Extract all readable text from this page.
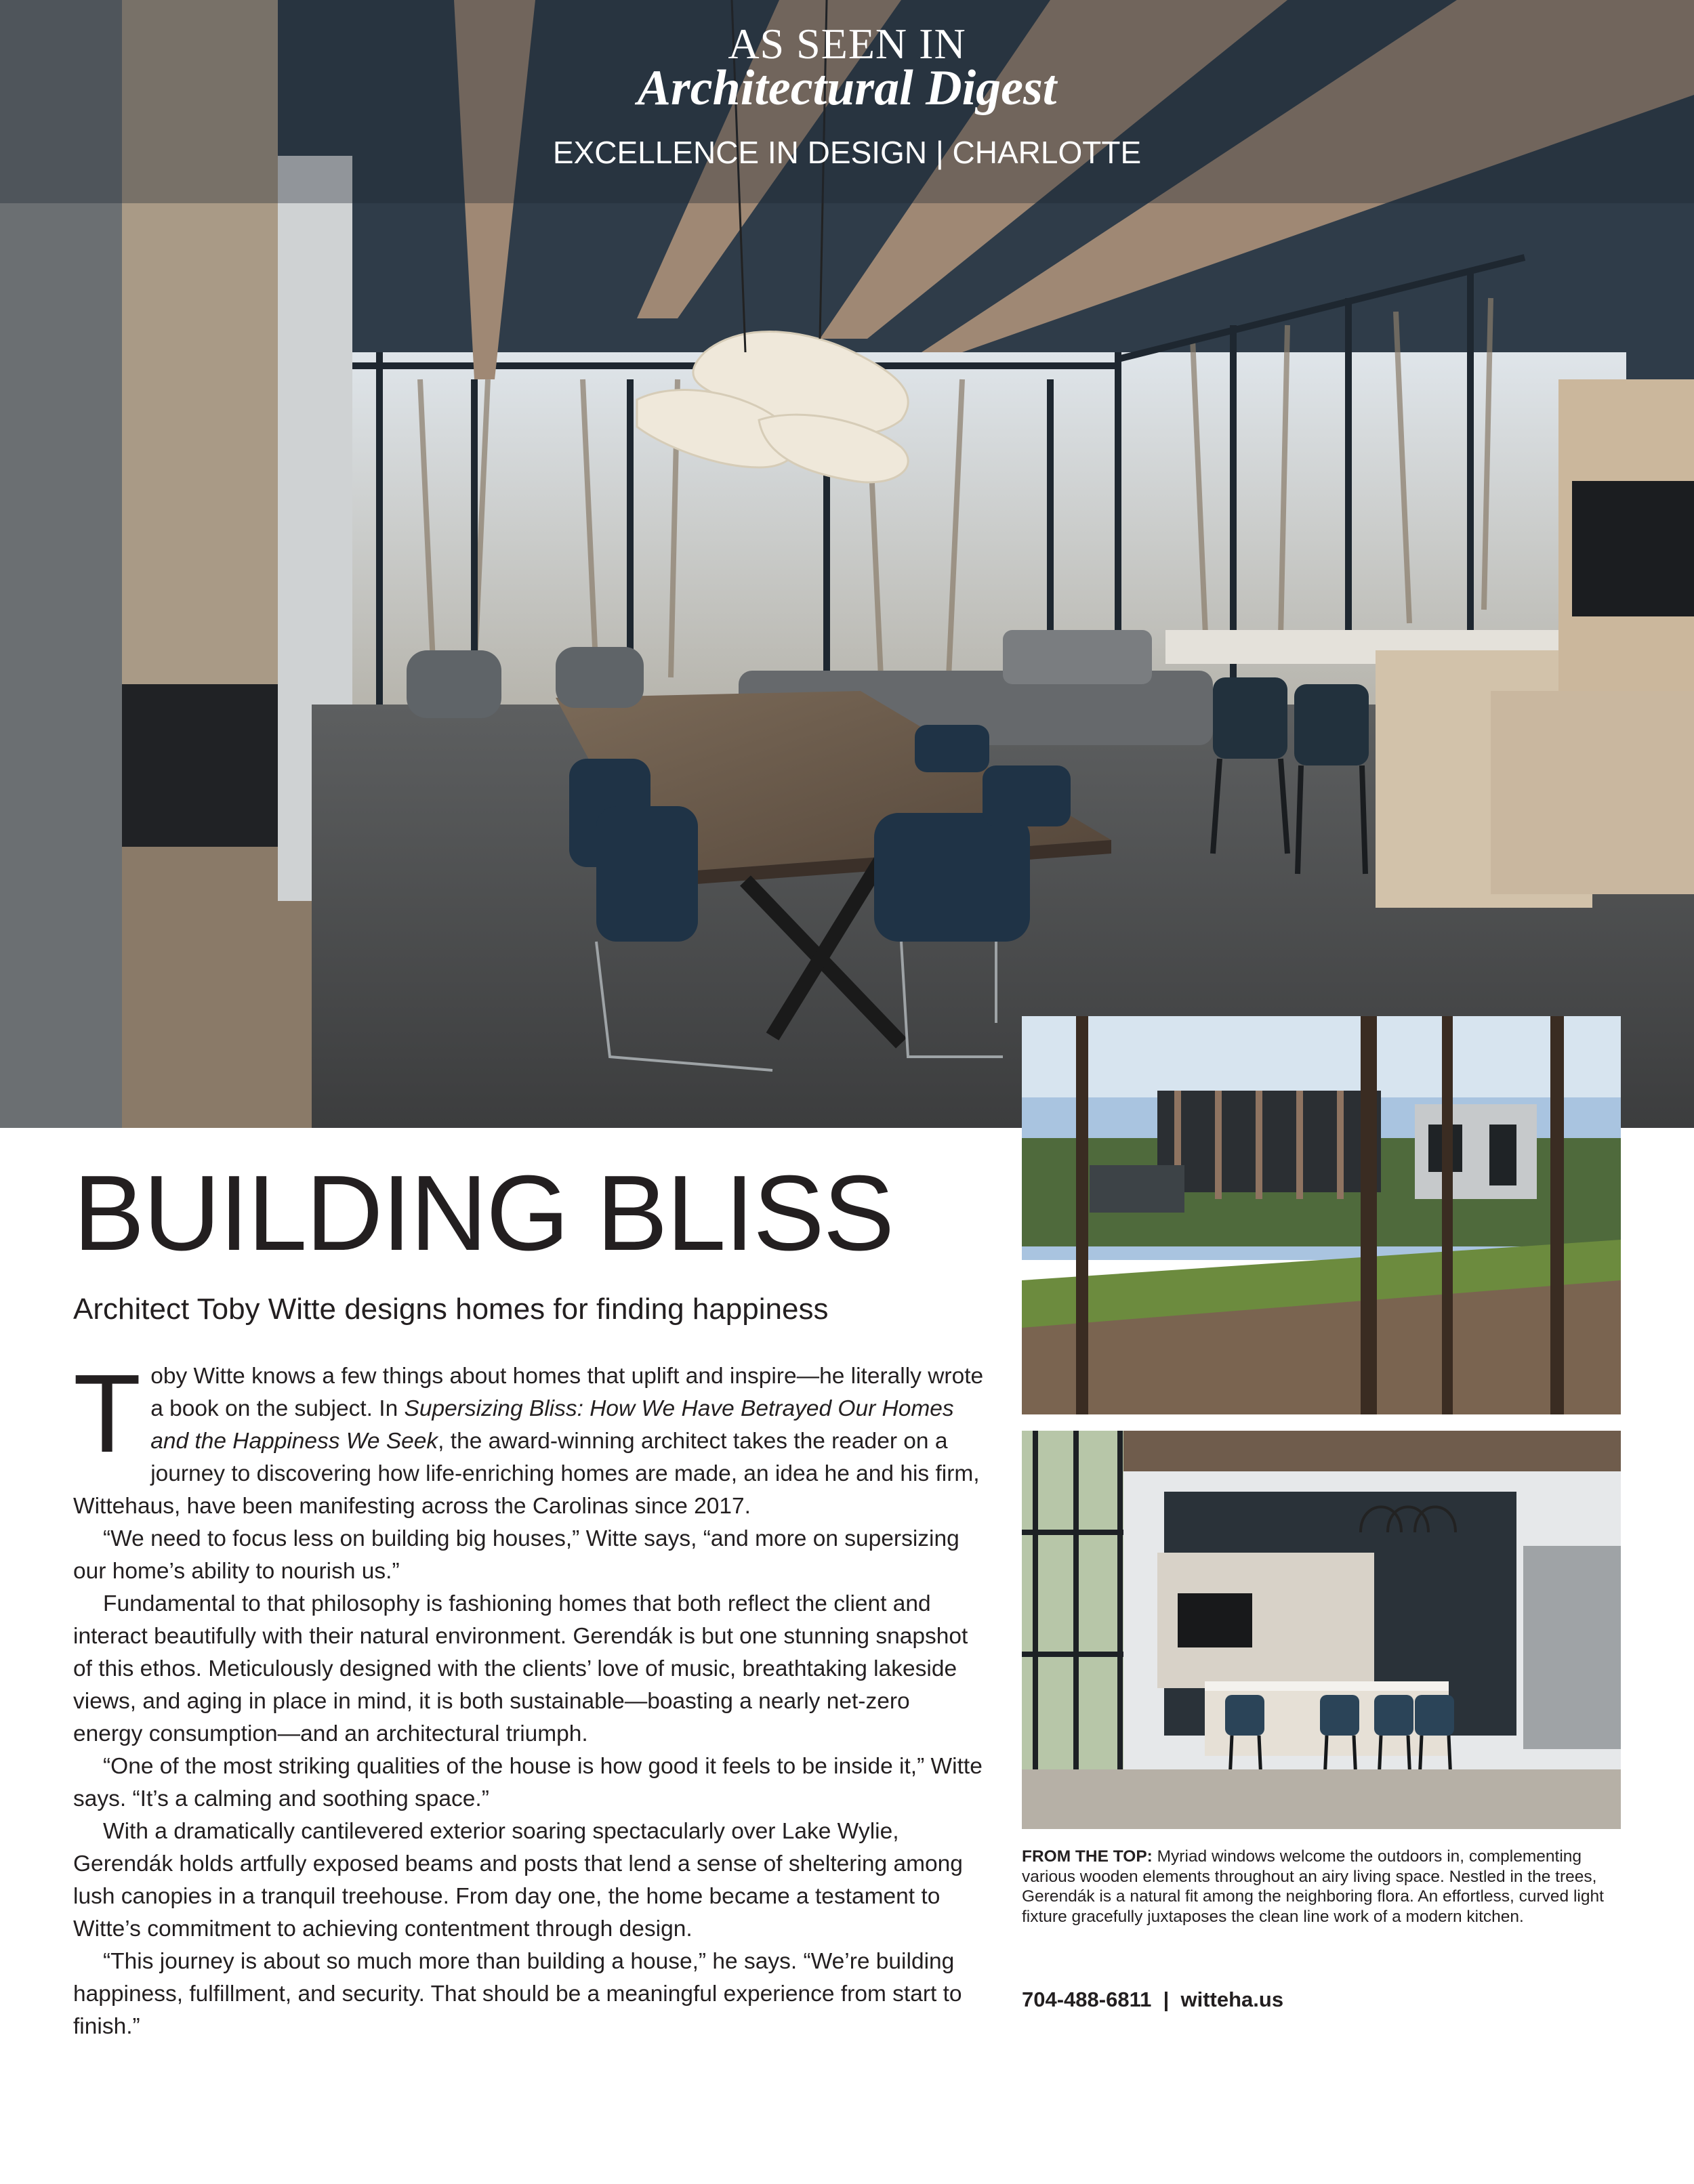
AS SEEN IN
Architectural Digest
EXCELLENCE IN DESIGN | CHARLOTTE
BUILDING BLISS

Architect Toby Witte designs homes for finding happiness

Toby Witte knows a few things about homes that uplift and inspire—he literally wrote a book on the subject. In Supersizing Bliss: How We Have Betrayed Our Homes and the Happiness We Seek, the award-winning architect takes the reader on a journey to discovering how life-enriching homes are made, an idea he and his firm, Wittehaus, have been manifesting across the Carolinas since 2017.

“We need to focus less on building big houses,” Witte says, “and more on supersizing our home’s ability to nourish us.”

Fundamental to that philosophy is fashioning homes that both reflect the client and interact beautifully with their natural environment. Gerendák is but one stunning snapshot of this ethos. Meticulously designed with the clients’ love of music, breathtaking lakeside views, and aging in place in mind, it is both sustainable—boasting a nearly net-zero energy consumption—and an architectural triumph.

“One of the most striking qualities of the house is how good it feels to be inside it,” Witte says. “It’s a calming and soothing space.”

With a dramatically cantilevered exterior soaring spectacularly over Lake Wylie, Gerendák holds artfully exposed beams and posts that lend a sense of sheltering among lush canopies in a tranquil treehouse. From day one, the home became a testament to Witte’s commitment to achieving contentment through design.

“This journey is about so much more than building a house,” he says. “We’re building happiness, fulfillment, and security. That should be a meaningful experience from start to finish.”

FROM THE TOP: Myriad windows welcome the outdoors in, complementing various wooden elements throughout an airy living space. Nestled in the trees, Gerendák is a natural fit among the neighboring flora. An effortless, curved light fixture gracefully juxtaposes the clean line work of a modern kitchen.
704-488-6811 | witteha.us
